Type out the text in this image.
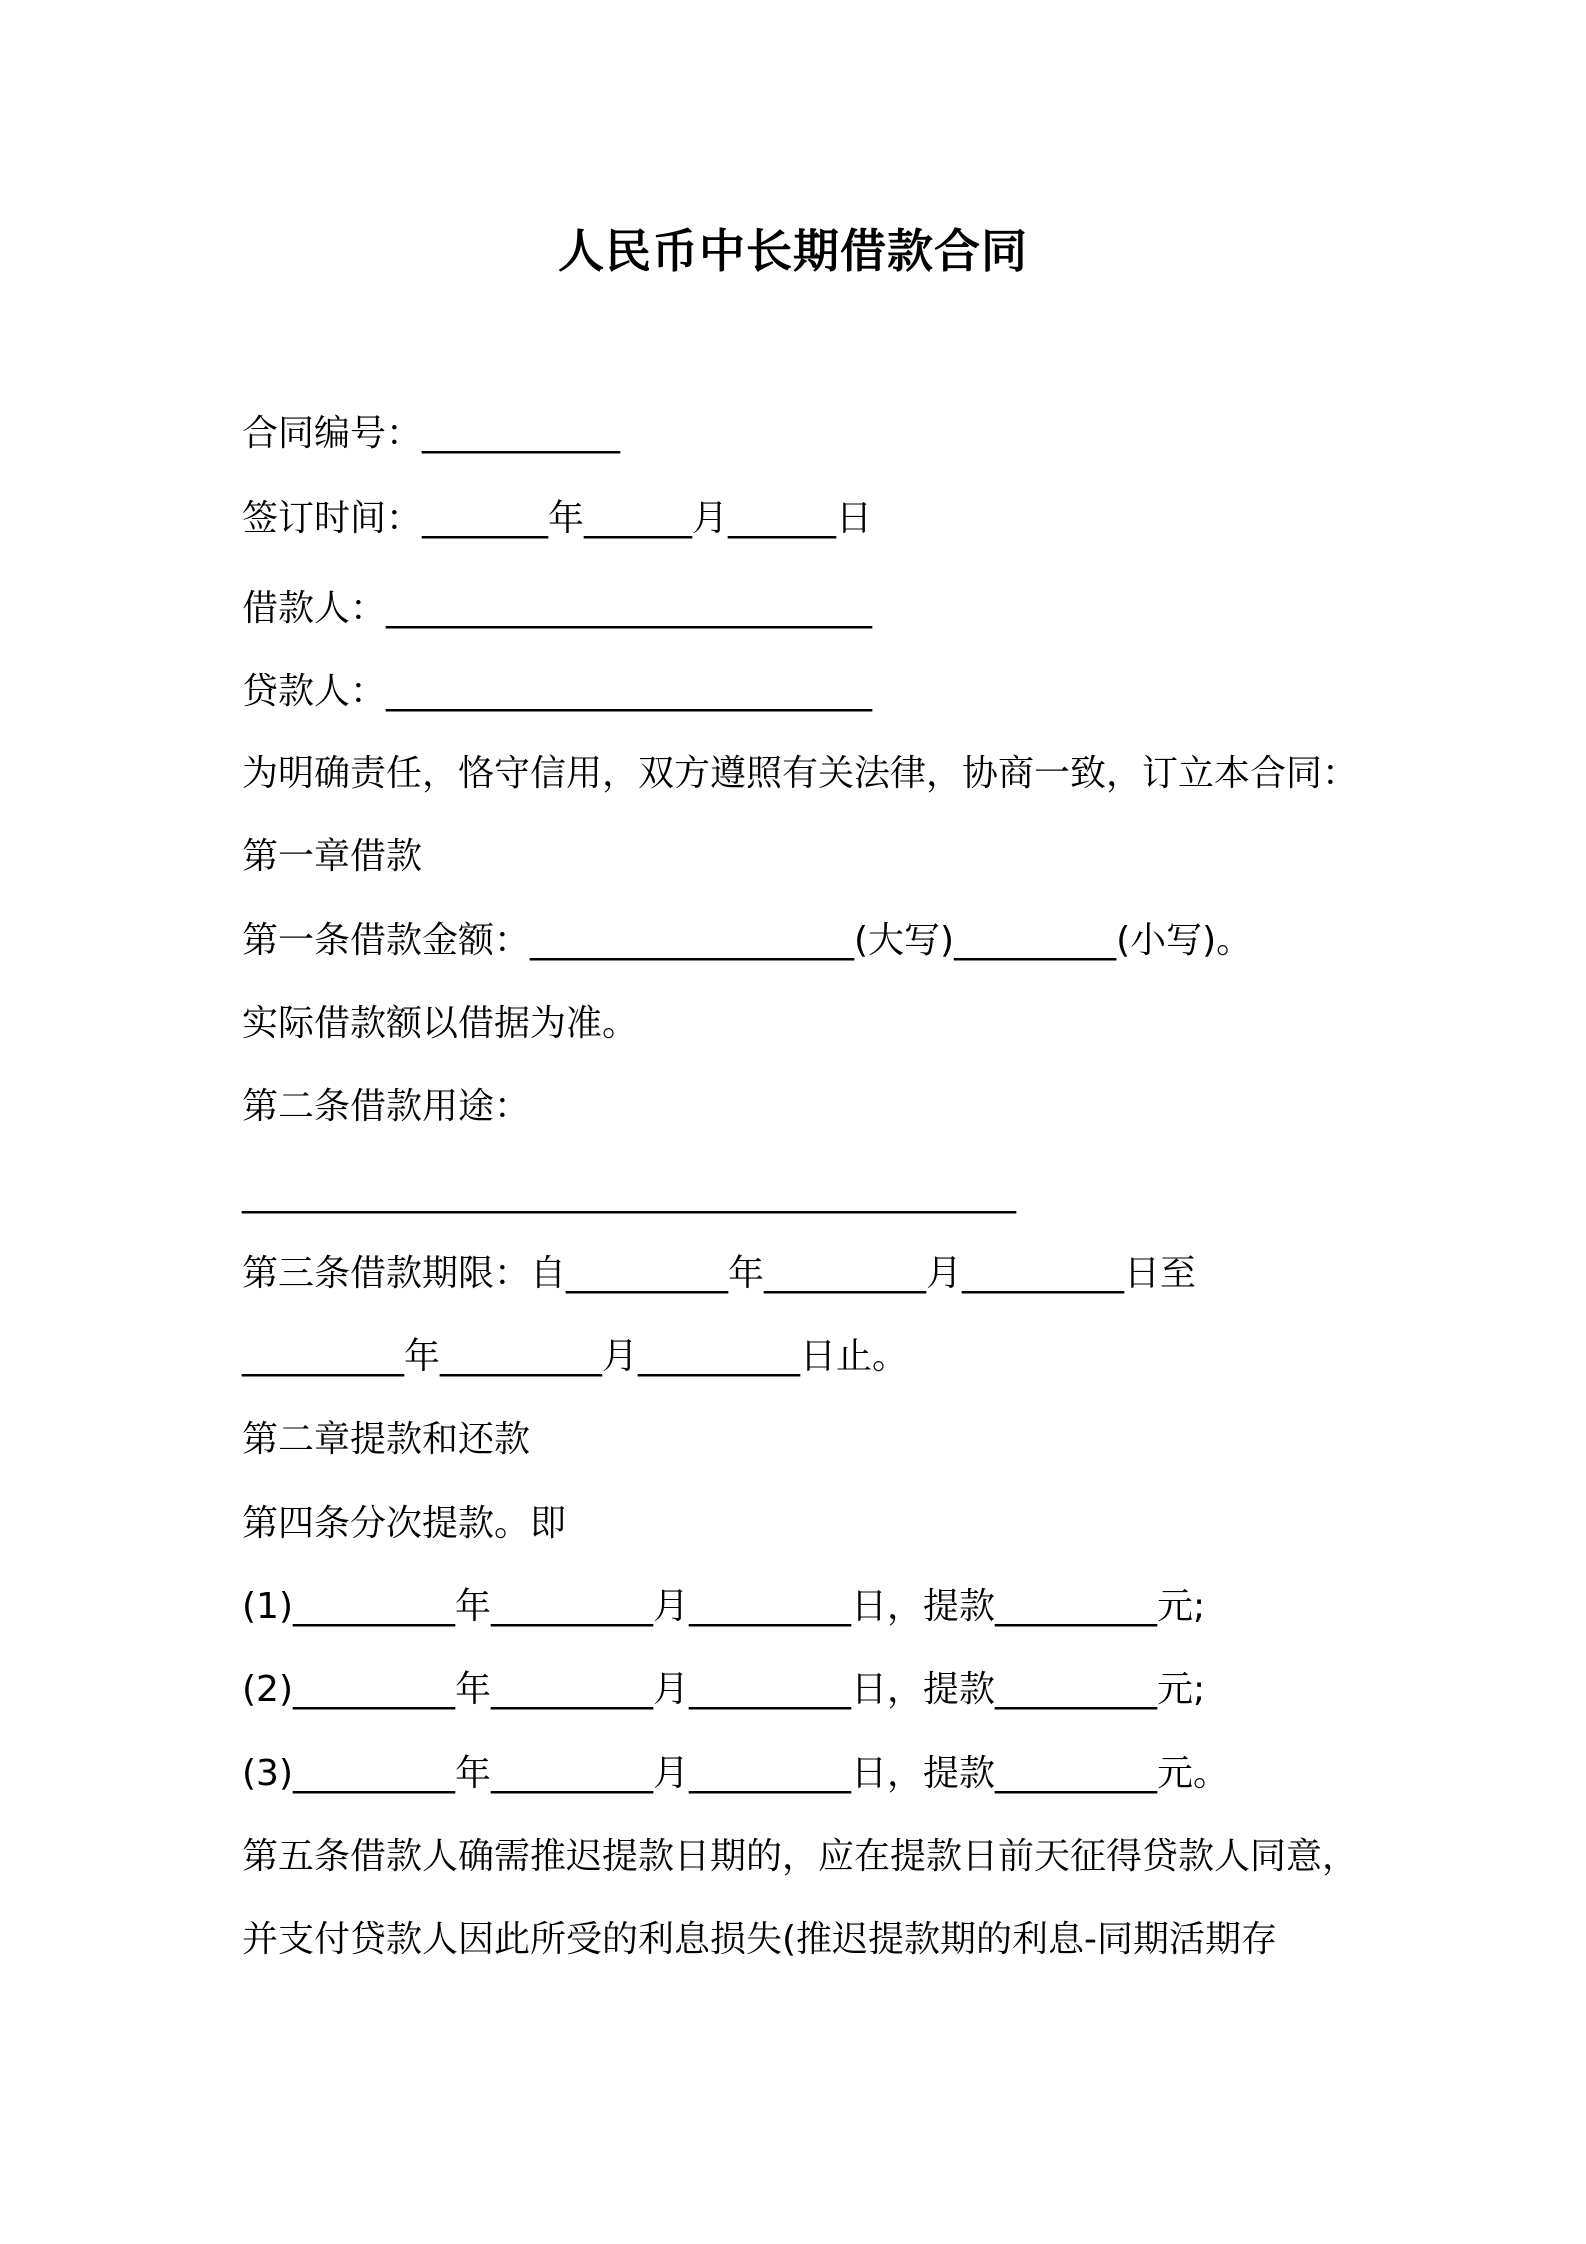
人民币中长期借款合同
合同编号：___________
签订时间：_______年______月______日
借款人：___________________________
贷款人：___________________________
为明确责任，恪守信用，双方遵照有关法律，协商一致，订立本合同：
第一章借款
第一条借款金额：__________________(大写)_________(小写)。
实际借款额以借据为准。
第二条借款用途：
___________________________________________
第三条借款期限：自_________年_________月_________日至
_________年_________月_________日止。
第二章提款和还款
第四条分次提款。即
(1)_________年_________月_________日，提款_________元;
(2)_________年_________月_________日，提款_________元;
(3)_________年_________月_________日，提款_________元。
第五条借款人确需推迟提款日期的，应在提款日前天征得贷款人同意，
并支付贷款人因此所受的利息损失(推迟提款期的利息-同期活期存
